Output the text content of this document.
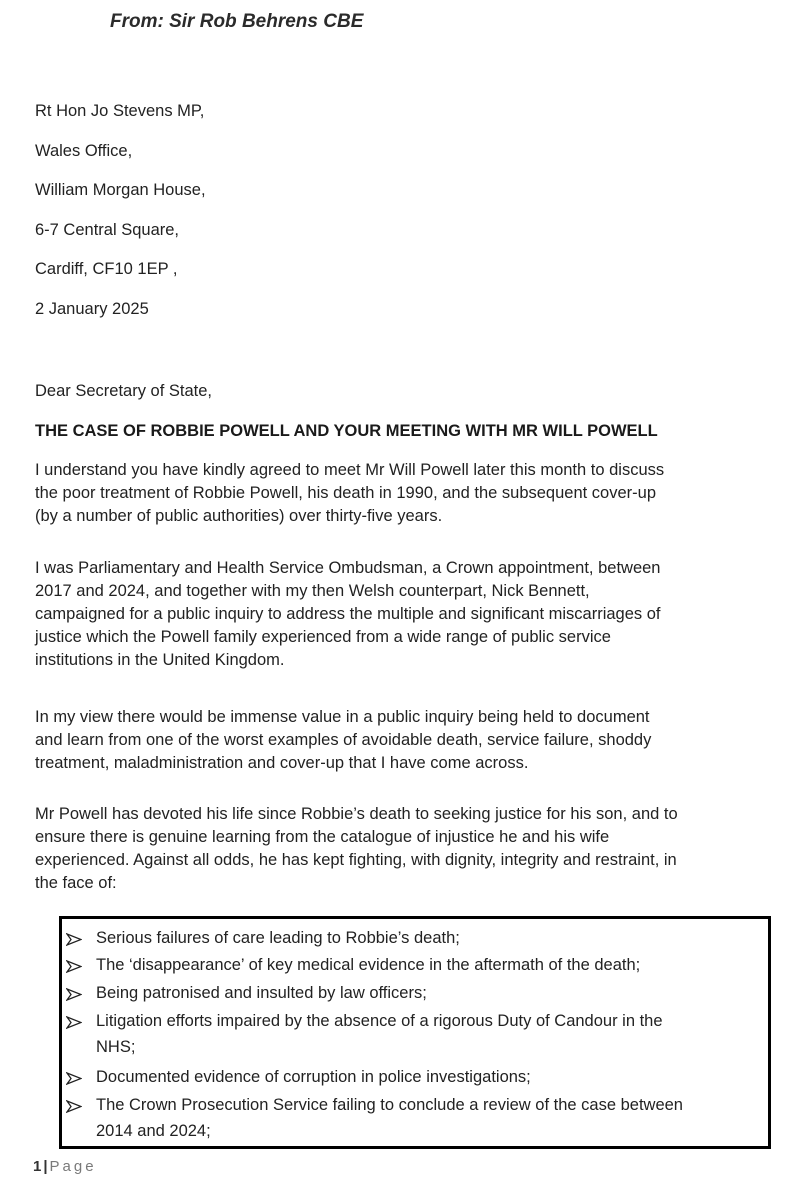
From: Sir Rob Behrens CBE
Rt Hon Jo Stevens MP,
Wales Office,
William Morgan House,
6-7 Central Square,
Cardiff, CF10 1EP ,
2 January 2025
Dear Secretary of State,
THE CASE OF ROBBIE POWELL AND YOUR MEETING WITH MR WILL POWELL
I understand you have kindly agreed to meet Mr Will Powell later this month to discuss
the poor treatment of Robbie Powell, his death in 1990, and the subsequent cover-up
(by a number of public authorities) over thirty-five years.
I was Parliamentary and Health Service Ombudsman, a Crown appointment, between
2017 and 2024, and together with my then Welsh counterpart, Nick Bennett,
campaigned for a public inquiry to address the multiple and significant miscarriages of
justice which the Powell family experienced from a wide range of public service
institutions in the United Kingdom.
In my view there would be immense value in a public inquiry being held to document
and learn from one of the worst examples of avoidable death, service failure, shoddy
treatment, maladministration and cover-up that I have come across.
Mr Powell has devoted his life since Robbie’s death to seeking justice for his son, and to
ensure there is genuine learning from the catalogue of injustice he and his wife
experienced. Against all odds, he has kept fighting, with dignity, integrity and restraint, in
the face of:
Serious failures of care leading to Robbie’s death;
The ‘disappearance’ of key medical evidence in the aftermath of the death;
Being patronised and insulted by law officers;
Litigation efforts impaired by the absence of a rigorous Duty of Candour in the
NHS;
Documented evidence of corruption in police investigations;
The Crown Prosecution Service failing to conclude a review of the case between
2014 and 2024;
1 | Page
